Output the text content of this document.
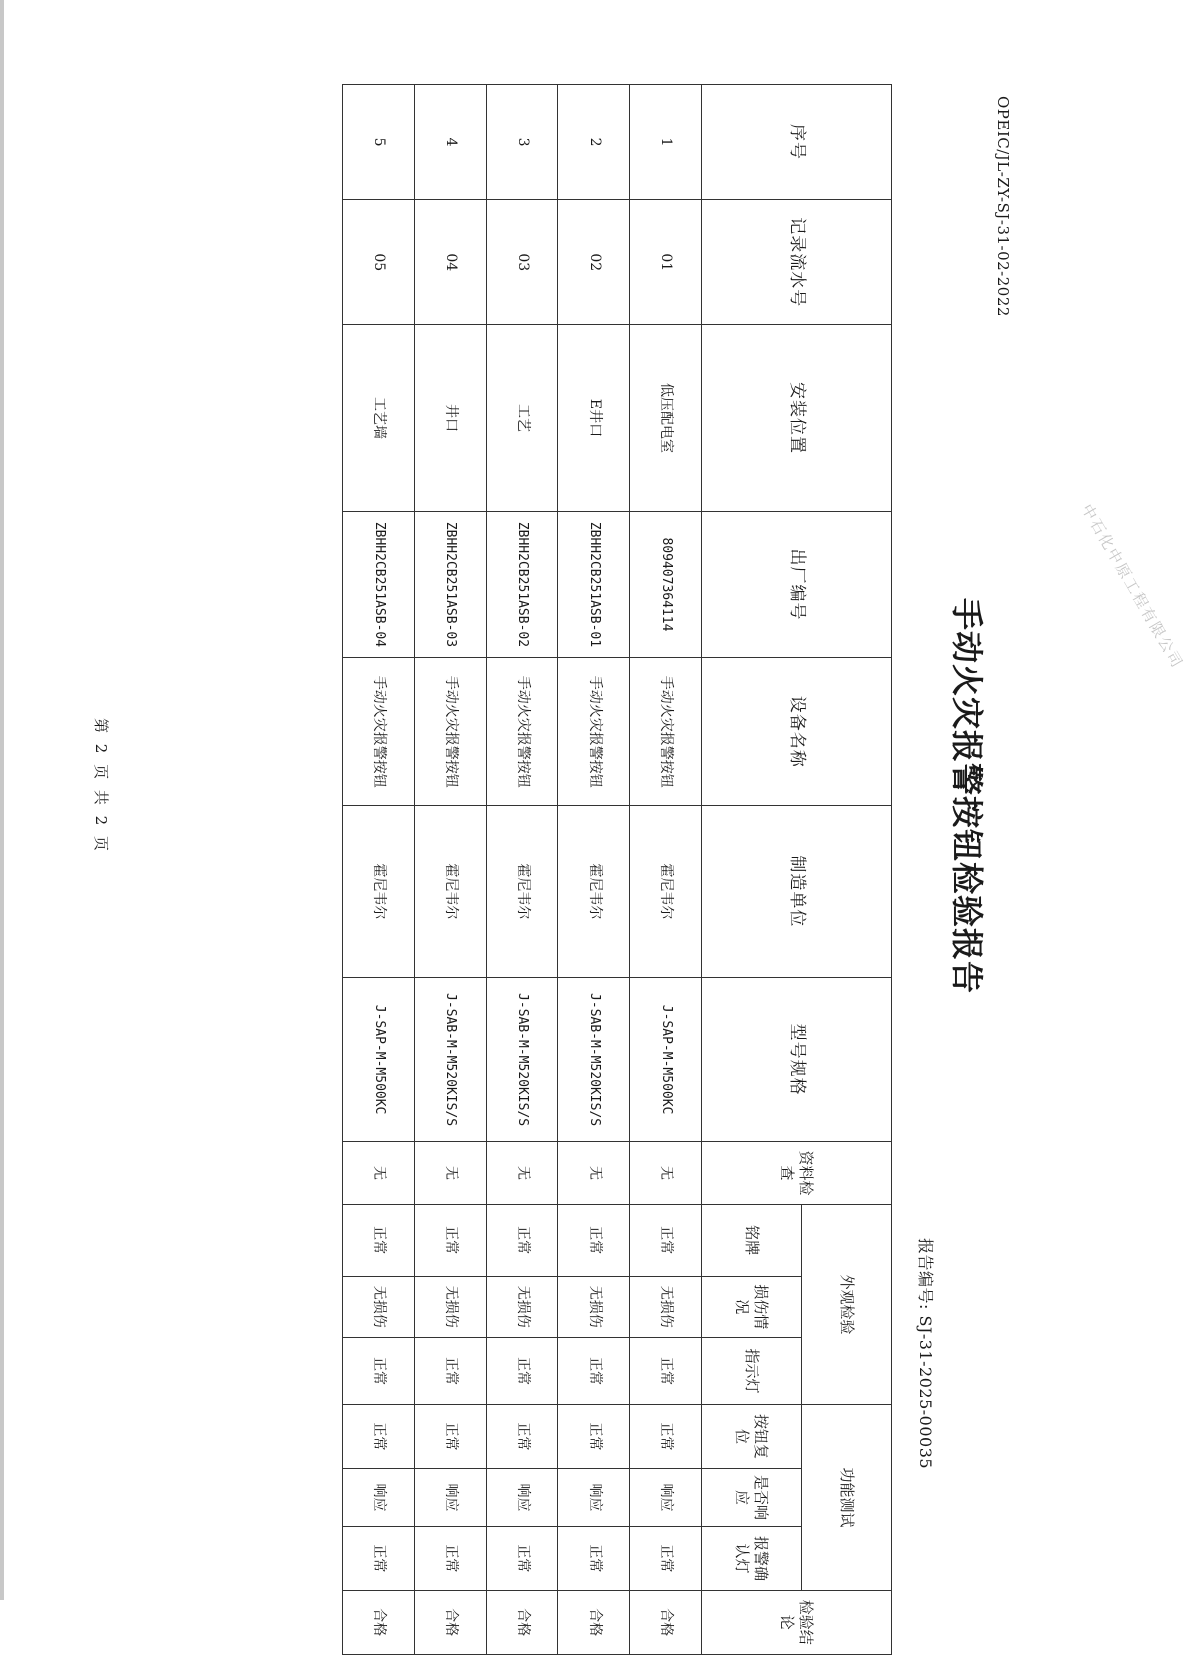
OPEIC/JL-ZY-SJ-31-02-2022
手动火灾报警按钮检验报告
报告编号: SJ-31-2025-00035
中石化中原工程有限公司
第 2 页 共 2 页
序号	记录流水号	安装位置	出厂编号	设备名称	制造单位	型号规格	资料检查	外观检验			功能测试			检验结论
								铭牌	损伤情况	指示灯	按钮复位	是否响应	报警确认灯	
1	01	低压配电室	809407364114	手动火灾报警按钮	霍尼韦尔	J-SAP-M-M500KC	无	正常	无损伤	正常	正常	响应	正常	合格
2	02	E井口	ZBHH2CB251ASB-01	手动火灾报警按钮	霍尼韦尔	J-SAB-M-M520KIS/S	无	正常	无损伤	正常	正常	响应	正常	合格
3	03	工艺	ZBHH2CB251ASB-02	手动火灾报警按钮	霍尼韦尔	J-SAB-M-M520KIS/S	无	正常	无损伤	正常	正常	响应	正常	合格
4	04	井口	ZBHH2CB251ASB-03	手动火灾报警按钮	霍尼韦尔	J-SAB-M-M520KIS/S	无	正常	无损伤	正常	正常	响应	正常	合格
5	05	工艺墙	ZBHH2CB251ASB-04	手动火灾报警按钮	霍尼韦尔	J-SAP-M-M500KC	无	正常	无损伤	正常	正常	响应	正常	合格
